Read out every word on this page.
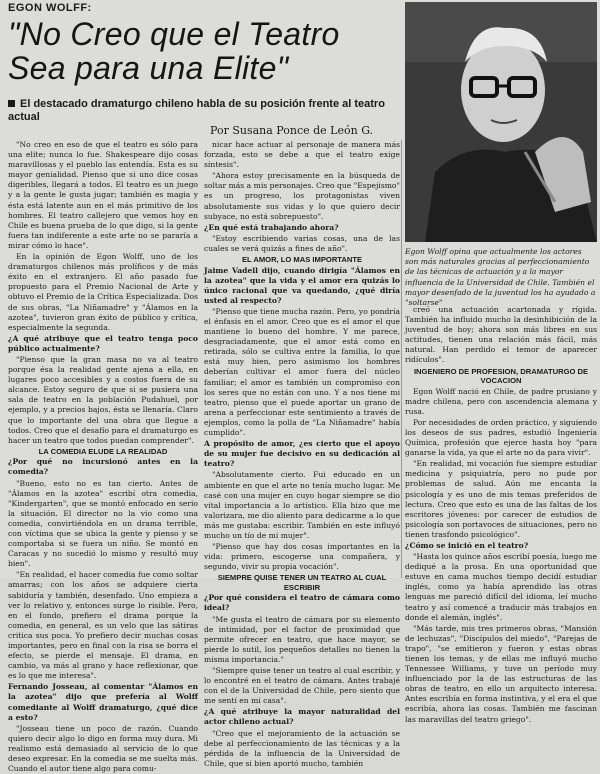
EGON WOLFF:
"No Creo que el Teatro Sea para una Elite"
El destacado dramaturgo chileno habla de su posición frente al teatro actual
Por Susana Ponce de León G.
Egon Wolff opina que actualmente los actores son más naturales gracias al perfeccionamiento de las técnicas de actuación y a la mayor influencia de la Universidad de Chile. También el mayor desenfado de la juventud los ha ayudado a "soltarse"

"No creo en eso de que el teatro es sólo para una elite; nunca lo fue. Shakespeare dijo cosas maravillosas y el pueblo las entendía. Esta es su mayor genialidad. Pienso que si uno dice cosas digeribles, llegará a todos. El teatro es un juego y a la gente le gusta jugar; también es magia y ésta está latente aun en el más primitivo de los hombres. El teatro callejero que vemos hoy en Chile es buena prueba de lo que digo, si la gente fuera tan indiferente a este arte no se pararía a mirar cómo lo hace".

En la opinión de Egon Wolff, uno de los dramaturgos chilenos más prolíficos y de más éxito en el extranjero. El año pasado fue propuesto para el Premio Nacional de Arte y obtuvo el Premio de la Crítica Especializada. Dos de sus obras, "La Niñamadre" y "Álamos en la azotea", tuvieron gran éxito de público y crítica, especialmente la segunda.

¿A qué atribuye que el teatro tenga poco público actualmente?

"Pienso que la gran masa no va al teatro porque ésa la realidad gente ajena a ella, en lugares poco accesibles y a costos fuera de su alcance. Estoy seguro de que si se pusiera una sala de teatro en la población Pudahuel, por ejemplo, y a precios bajos, ésta se llenaría. Claro que lo importante del una obra que llegue a todos. Creo que el desafío para el dramaturgo es hacer un teatro que todos puedan comprender".

LA COMEDIA ELUDE LA REALIDAD

¿Por qué no incursionó antes en la comedia?

"Bueno, esto no es tan cierto. Antes de "Álamos en la azotea" escribí otra comedia, "Kindergarten", que se montó enfocado en serio la situación. El director no la vio como una comedia, convirtiéndola en un drama terrible, con víctima que se ubica la gente y pienso y se comportaba si se fuera un niño. Se montó en Caracas y no sucedió lo mismo y resultó muy bien".

"En realidad, el hacer comedia fue como soltar amarras; con los años se adquiere cierta sabiduría y también, desenfado. Uno empieza a ver lo relativo y, entonces surge lo risible. Pero, en el fondo, prefiero el drama porque la comedia, en general, es un velo que las sátiras critica sus poca. Yo prefiero decir muchas cosas importantes, pero en final con la risa se borra el efecto, se pierde el mensaje. El drama, en cambio, va más al grano y hace reflexionar, que es lo que me interesa".

Fernando Josseau, al comentar "Álamos en la azotea" dijo que prefería al Wolff comediante al Wolff dramaturgo, ¿qué dice a esto?

"Josseau tiene un poco de razón. Cuando quiero decir algo lo digo en forma muy dura. Mi realismo está demasiado al servicio de lo que deseo expresar. En la comedia se me suelta más. Cuando el autor tiene algo para comu-

nicar hace actuar al personaje de manera más forzada, esto se debe a que el teatro exige síntesis".

"Ahora estoy precisamente en la búsqueda de soltar más a mis personajes. Creo que "Espejismo" es un progreso, los protagonistas viven absolutamente sus vidas y lo que quiero decir subyace, no está sobrepuesto".

¿En qué está trabajando ahora?

"Estoy escribiendo varias cosas, una de las cuales se verá quizás a fines de año".

EL AMOR, LO MAS IMPORTANTE

Jaime Vadell dijo, cuando dirigía "Álamos en la azotea" que la vida y el amor era quizás lo único racional que va quedando, ¿qué diría usted al respecto?

"Pienso que tiene mucha razón. Pero, yo pondría el énfasis en el amor. Creo que es el amor el que mantiene lo bueno del hombre. Y me parece, desgraciadamente, que el amor está como en retirada, sólo se cultiva entre la familia, lo que está muy bien, pero asimismo los hombres deberían cultivar el amor fuera del núcleo familiar; el amor es también un compromiso con los seres que no están con uno. Y a nos tiene mi teatro, pienso que el puede aportar un grano de arena a perfeccionar este sentimiento a través de ejemplos, como la polla de "La Niñamadre" había cumplido".

A propósito de amor, ¿es cierto que el apoyo de su mujer fue decisivo en su dedicación al teatro?

"Absolutamente cierto. Fui educado en un ambiente en que el arte no tenía mucho lugar. Me casé con una mujer en cuyo hogar siempre se dio vital importancia a lo artístico. Ella hizo que me valorizara, me dio aliento para dedicarme a lo que más me gustaba: escribir. También en este influyó mucho un tío de mi mujer".

"Pienso que hay dos cosas importantes en la vida: primero, escogerse una compañera, y segundo, vivir su propia vocación".

SIEMPRE QUISE TENER UN TEATRO AL CUAL ESCRIBIR

¿Por qué considera el teatro de cámara como ideal?

"Me gusta el teatro de cámara por su elemento de intimidad, por el factor de proximidad que permite ofrecer en teatro, que hace mayor, se pierde lo sutil, los pequeños detalles no tienen la misma importancia."

"Siempre quise tener un teatro al cual escribir, y lo encontré en el teatro de cámara. Antes trabajé con el de la Universidad de Chile, pero siento que me sentí en mi casa".

¿A qué atribuye la mayor naturalidad del actor chileno actual?

"Creo que el mejoramiento de la actuación se debe al perfeccionamiento de las técnicas y a la pérdida de la influencia de la Universidad de Chile, que si bien aportó mucho, también

creó una actuación acartonada y rígida. También ha influido mucho la desinhibición de la juventud de hoy; ahora son más libres en sus actitudes, tienen una relación más fácil, más natural. Han perdido el temor de aparecer ridículos".

INGENIERO DE PROFESION, DRAMATURGO DE VOCACION

Egon Wolff nació en Chile, de padre prusiano y madre chilena, pero con ascendencia alemana y rusa.

Por necesidades de orden práctico, y siguiendo los deseos de sus padres, estudió Ingeniería Química, profesión que ejerce hasta hoy "para ganarse la vida, ya que el arte no da para vivir".

"En realidad, mi vocación fue siempre estudiar medicina y psiquiatría, pero no pude por problemas de salud. Aún me encanta la psicología y es uno de mis temas preferidos de lectura. Creo que esto es una de las faltas de los escritores jóvenes: por carecer de estudios de psicología son portavoces de situaciones, pero no tienen trasfondo psicológico".

¿Cómo se inició en el teatro?

"Hasta los quince años escribí poesía, luego me dediqué a la prosa. En una oportunidad que estuve en cama muchos tiempo decidí estudiar inglés, como ya había aprendido las otras lenguas me pareció difícil del idioma, leí mucho teatro y así comencé a traducir más trabajos en donde el alemán, inglés".

"Más tarde, mis tres primeros obras, "Mansión de lechuzas", "Discípulos del miedo", "Parejas de trapo", "se emitieron y fueron y estas obras tienen los temas, y de ellas me influyó mucho Tennessee Williams, y tuve un período muy influenciado por la de las estructuras de las obras de teatro, en ello un arquitecto interesa. Antes escribía en forma instintiva, y el era el que escribía, ahora las cosas. También me fascinan las maravillas del teatro griego".
